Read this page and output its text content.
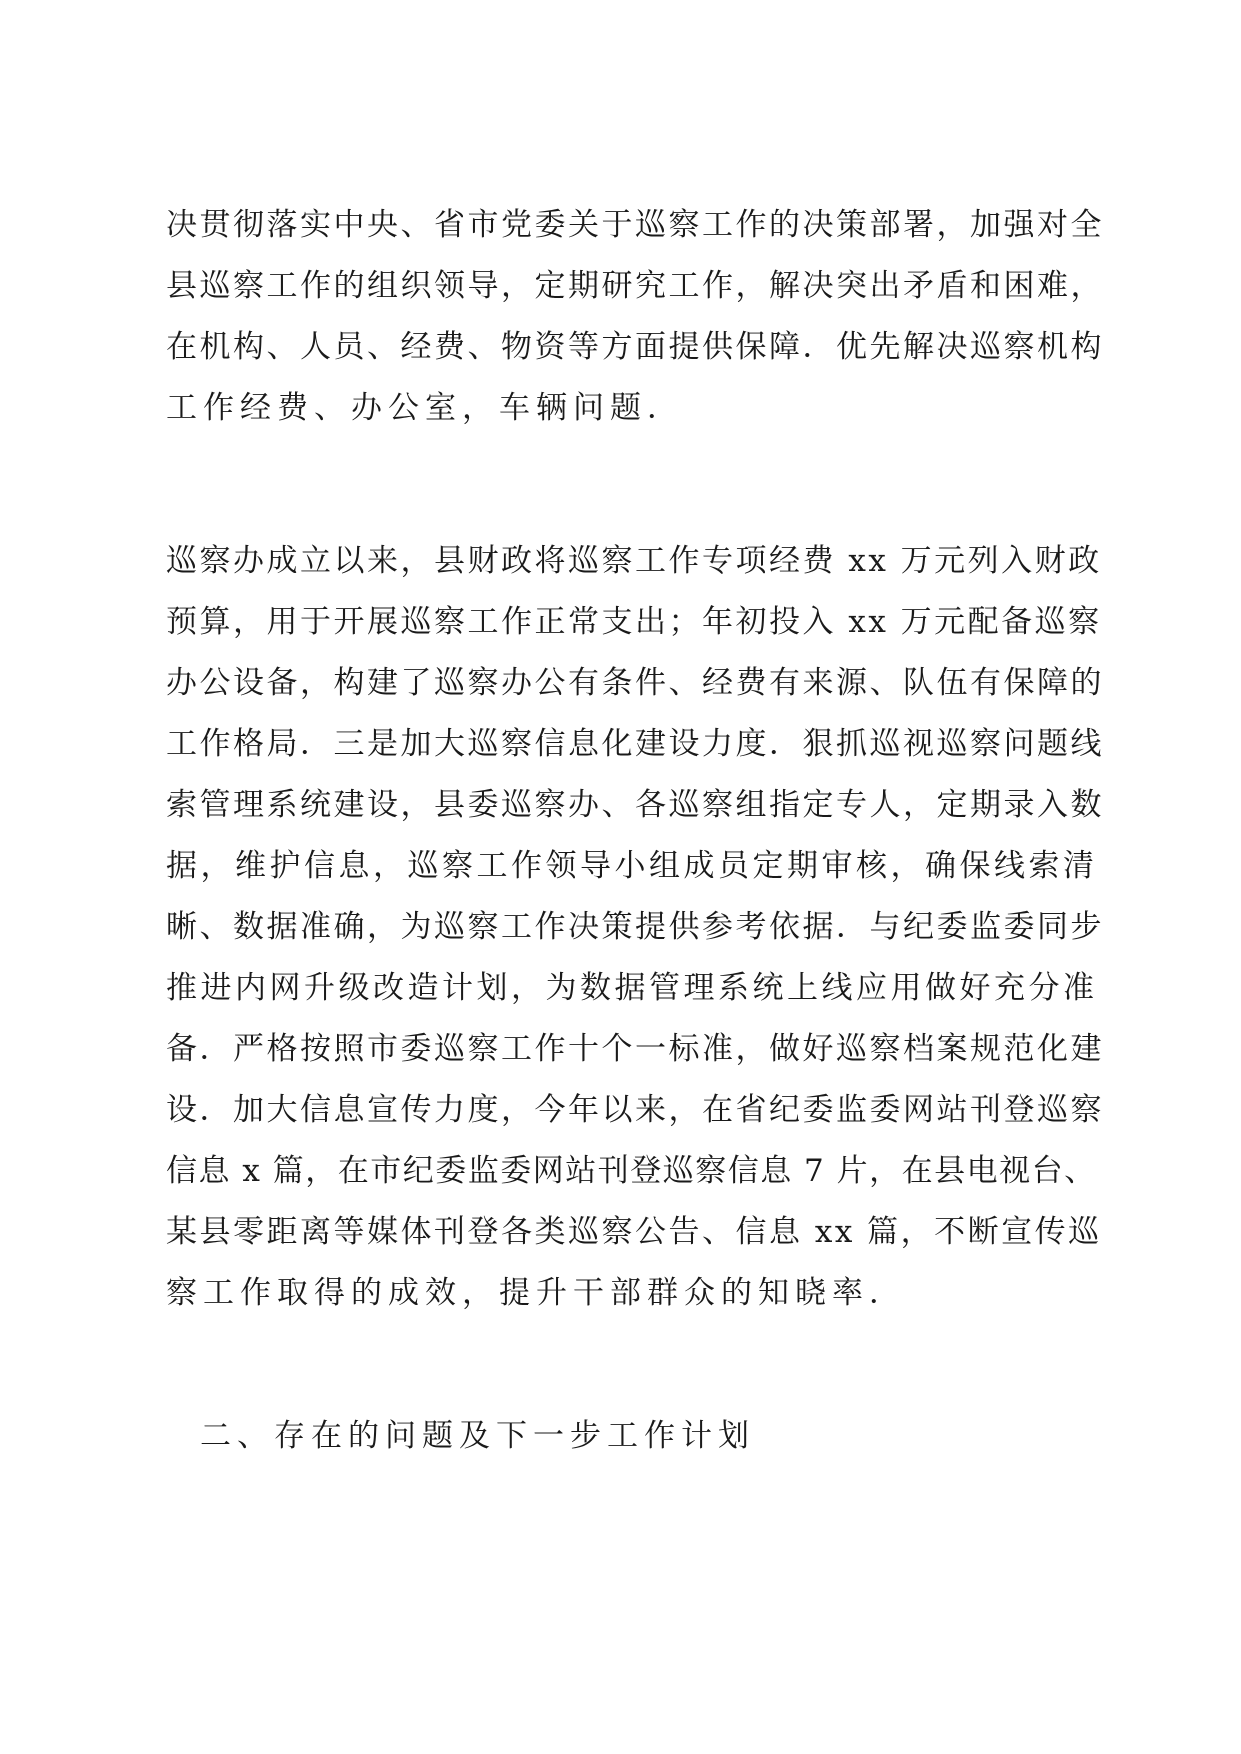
决贯彻落实中央、省市党委关于巡察工作的决策部署，加强对全
县巡察工作的组织领导，定期研究工作，解决突出矛盾和困难，
在机构、人员、经费、物资等方面提供保障．优先解决巡察机构
工作经费、办公室，车辆问题．
巡察办成立以来，县财政将巡察工作专项经费 xx 万元列入财政
预算，用于开展巡察工作正常支出；年初投入 xx 万元配备巡察
办公设备，构建了巡察办公有条件、经费有来源、队伍有保障的
工作格局．三是加大巡察信息化建设力度．狠抓巡视巡察问题线
索管理系统建设，县委巡察办、各巡察组指定专人，定期录入数
据，维护信息，巡察工作领导小组成员定期审核，确保线索清
晰、数据准确，为巡察工作决策提供参考依据．与纪委监委同步
推进内网升级改造计划，为数据管理系统上线应用做好充分准
备．严格按照市委巡察工作十个一标准，做好巡察档案规范化建
设．加大信息宣传力度，今年以来，在省纪委监委网站刊登巡察
信息 x 篇，在市纪委监委网站刊登巡察信息 7 片，在县电视台、
某县零距离等媒体刊登各类巡察公告、信息 xx 篇，不断宣传巡
察工作取得的成效，提升干部群众的知晓率．
二、存在的问题及下一步工作计划
